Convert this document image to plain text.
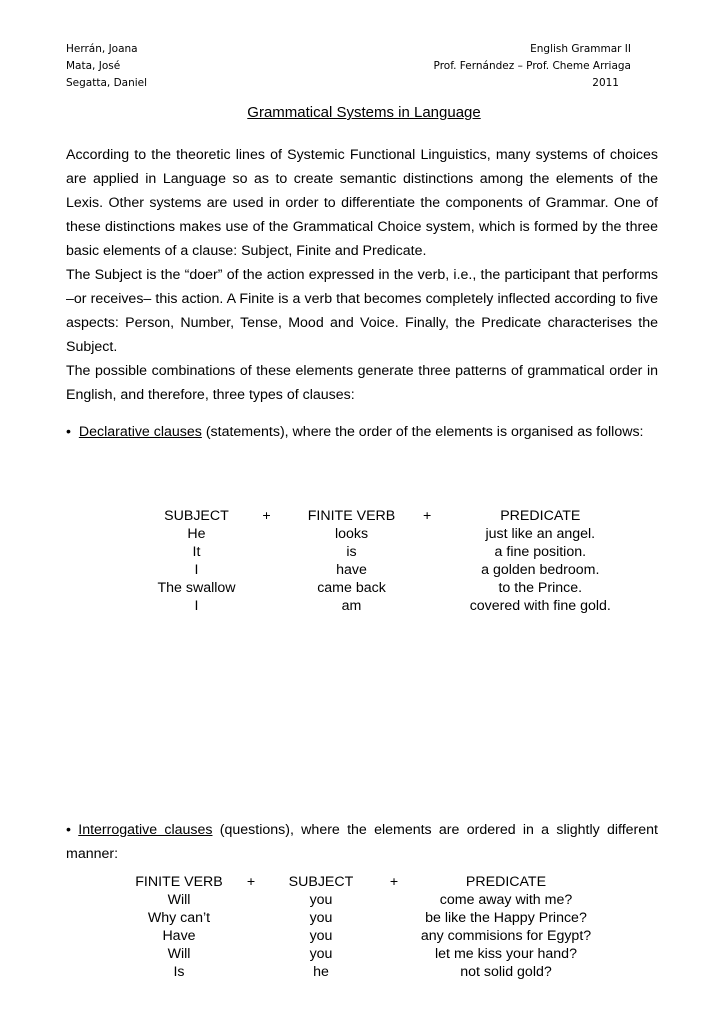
Herrán, Joana
Mata, José
Segatta, Daniel
English Grammar II
Prof. Fernández – Prof. Cheme Arriaga
2011
Grammatical Systems in Language

According to the theoretic lines of Systemic Functional Linguistics, many systems of choices are applied in Language so as to create semantic distinctions among the elements of the Lexis. Other systems are used in order to differentiate the components of Grammar. One of these distinctions makes use of the Grammatical Choice system, which is formed by the three basic elements of a clause: Subject, Finite and Predicate.

The Subject is the “doer” of the action expressed in the verb, i.e., the participant that performs –or receives– this action. A Finite is a verb that becomes completely inflected according to five aspects: Person, Number, Tense, Mood and Voice. Finally, the Predicate characterises the Subject.

The possible combinations of these elements generate three patterns of grammatical order in English, and therefore, three types of clauses:

• Declarative clauses (statements), where the order of the elements is organised as follows:

SUBJECT	+	FINITE VERB	+	PREDICATE
He		looks		just like an angel.
It		is		a fine position.
I		have		a golden bedroom.
The swallow		came back		to the Prince.
I		am		covered with fine gold.

• Interrogative clauses (questions), where the elements are ordered in a slightly different manner:

FINITE VERB	+	SUBJECT	+	PREDICATE
Will		you		come away with me?
Why can’t		you		be like the Happy Prince?
Have		you		any commisions for Egypt?
Will		you		let me kiss your hand?
Is		he		not solid gold?
